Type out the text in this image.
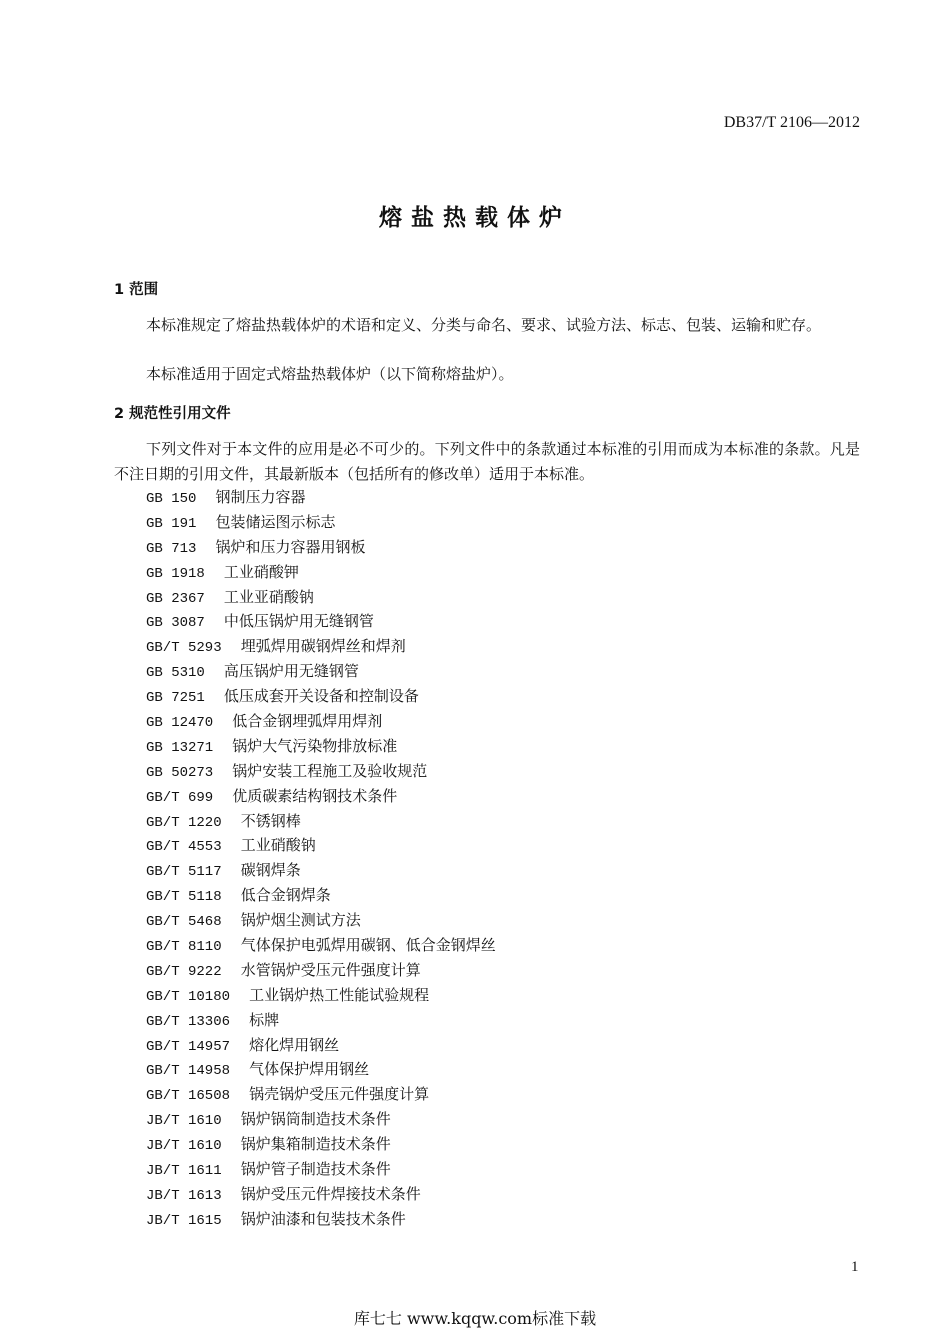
DB37/T 2106—2012
熔盐热载体炉
1 范围
本标准规定了熔盐热载体炉的术语和定义、分类与命名、要求、试验方法、标志、包装、运输和贮存。
本标准适用于固定式熔盐热载体炉（以下简称熔盐炉）。
2 规范性引用文件
下列文件对于本文件的应用是必不可少的。下列文件中的条款通过本标准的引用而成为本标准的条款。凡是不注日期的引用文件，其最新版本（包括所有的修改单）适用于本标准。
GB 150 钢制压力容器
GB 191 包装储运图示标志
GB 713 锅炉和压力容器用钢板
GB 1918 工业硝酸钾
GB 2367 工业亚硝酸钠
GB 3087 中低压锅炉用无缝钢管
GB/T 5293 埋弧焊用碳钢焊丝和焊剂
GB 5310 高压锅炉用无缝钢管
GB 7251 低压成套开关设备和控制设备
GB 12470 低合金钢埋弧焊用焊剂
GB 13271 锅炉大气污染物排放标准
GB 50273 锅炉安装工程施工及验收规范
GB/T 699 优质碳素结构钢技术条件
GB/T 1220 不锈钢棒
GB/T 4553 工业硝酸钠
GB/T 5117 碳钢焊条
GB/T 5118 低合金钢焊条
GB/T 5468 锅炉烟尘测试方法
GB/T 8110 气体保护电弧焊用碳钢、低合金钢焊丝
GB/T 9222 水管锅炉受压元件强度计算
GB/T 10180 工业锅炉热工性能试验规程
GB/T 13306 标牌
GB/T 14957 熔化焊用钢丝
GB/T 14958 气体保护焊用钢丝
GB/T 16508 锅壳锅炉受压元件强度计算
JB/T 1610 锅炉锅筒制造技术条件
JB/T 1610 锅炉集箱制造技术条件
JB/T 1611 锅炉管子制造技术条件
JB/T 1613 锅炉受压元件焊接技术条件
JB/T 1615 锅炉油漆和包装技术条件
1
库七七 www.kqqw.com标准下载
